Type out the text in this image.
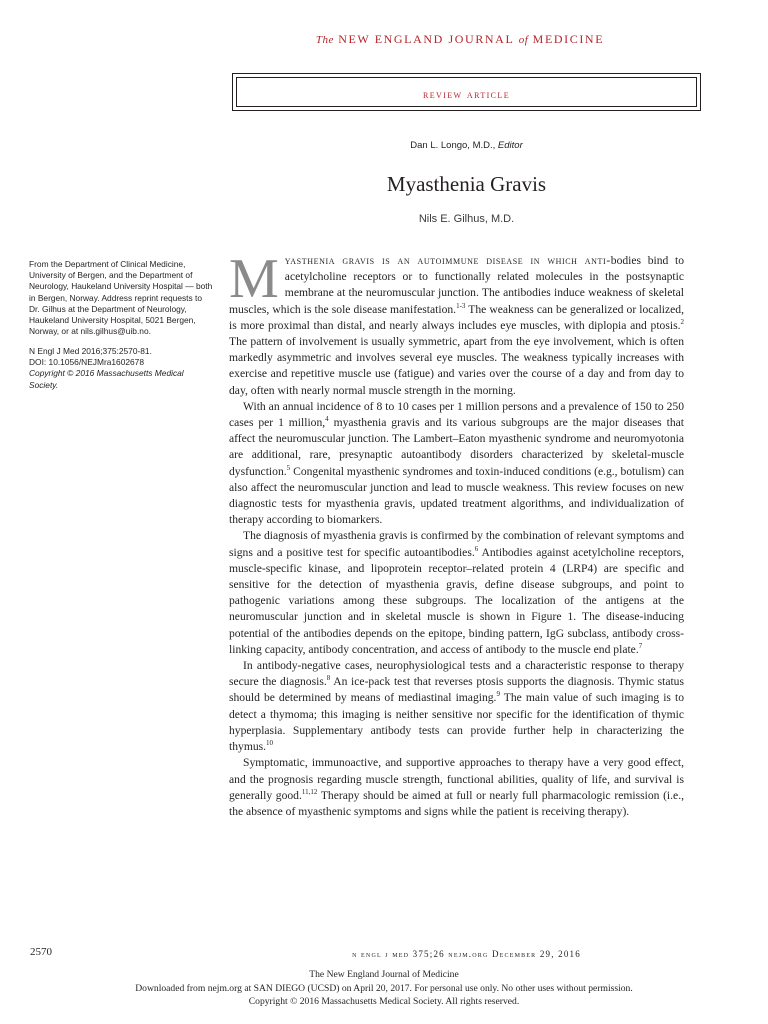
The NEW ENGLAND JOURNAL of MEDICINE
review article
Dan L. Longo, M.D., Editor
Myasthenia Gravis
Nils E. Gilhus, M.D.

From the Department of Clinical Medicine, University of Bergen, and the Department of Neurology, Haukeland University Hospital — both in Bergen, Norway. Address reprint requests to Dr. Gilhus at the Department of Neurology, Haukeland University Hospital, 5021 Bergen, Norway, or at nils.gilhus@uib.no.

N Engl J Med 2016;375:2570-81.

DOI: 10.1056/NEJMra1602678

Copyright © 2016 Massachusetts Medical Society.

Myasthenia gravis is an autoimmune disease in which anti-bodies bind to acetylcholine receptors or to functionally related molecules in the postsynaptic membrane at the neuromuscular junction. The antibodies induce weakness of skeletal muscles, which is the sole disease manifestation.$^{1-3}$ The weakness can be generalized or localized, is more proximal than distal, and nearly always includes eye muscles, with diplopia and ptosis.$^2$ The pattern of involvement is usually symmetric, apart from the eye involvement, which is often markedly asymmetric and involves several eye muscles. The weakness typically increases with exercise and repetitive muscle use (fatigue) and varies over the course of a day and from day to day, often with nearly normal muscle strength in the morning.

With an annual incidence of 8 to 10 cases per 1 million persons and a prevalence of 150 to 250 cases per 1 million,$^4$ myasthenia gravis and its various subgroups are the major diseases that affect the neuromuscular junction. The Lambert–Eaton myasthenic syndrome and neuromyotonia are additional, rare, presynaptic autoantibody disorders characterized by skeletal-muscle dysfunction.$^5$ Congenital myasthenic syndromes and toxin-induced conditions (e.g., botulism) can also affect the neuromuscular junction and lead to muscle weakness. This review focuses on new diagnostic tests for myasthenia gravis, updated treatment algorithms, and individualization of therapy according to biomarkers.

The diagnosis of myasthenia gravis is confirmed by the combination of relevant symptoms and signs and a positive test for specific autoantibodies.$^6$ Antibodies against acetylcholine receptors, muscle-specific kinase, and lipoprotein receptor–related protein 4 (LRP4) are specific and sensitive for the detection of myasthenia gravis, define disease subgroups, and point to pathogenic variations among these subgroups. The localization of the antigens at the neuromuscular junction and in skeletal muscle is shown in Figure 1. The disease-inducing potential of the antibodies depends on the epitope, binding pattern, IgG subclass, antibody cross-linking capacity, antibody concentration, and access of antibody to the muscle end plate.$^7$

In antibody-negative cases, neurophysiological tests and a characteristic response to therapy secure the diagnosis.$^8$ An ice-pack test that reverses ptosis supports the diagnosis. Thymic status should be determined by means of mediastinal imaging.$^9$ The main value of such imaging is to detect a thymoma; this imaging is neither sensitive nor specific for the identification of thymic hyperplasia. Supplementary antibody tests can provide further help in characterizing the thymus.$^{10}$

Symptomatic, immunoactive, and supportive approaches to therapy have a very good effect, and the prognosis regarding muscle strength, functional abilities, quality of life, and survival is generally good.$^{11,12}$ Therapy should be aimed at full or nearly full pharmacologic remission (i.e., the absence of myasthenic symptoms and signs while the patient is receiving therapy).

2570	n engl j med 375;26 nejm.org December 29, 2016
The New England Journal of Medicine
Downloaded from nejm.org at SAN DIEGO (UCSD) on April 20, 2017. For personal use only. No other uses without permission.
Copyright © 2016 Massachusetts Medical Society. All rights reserved.
